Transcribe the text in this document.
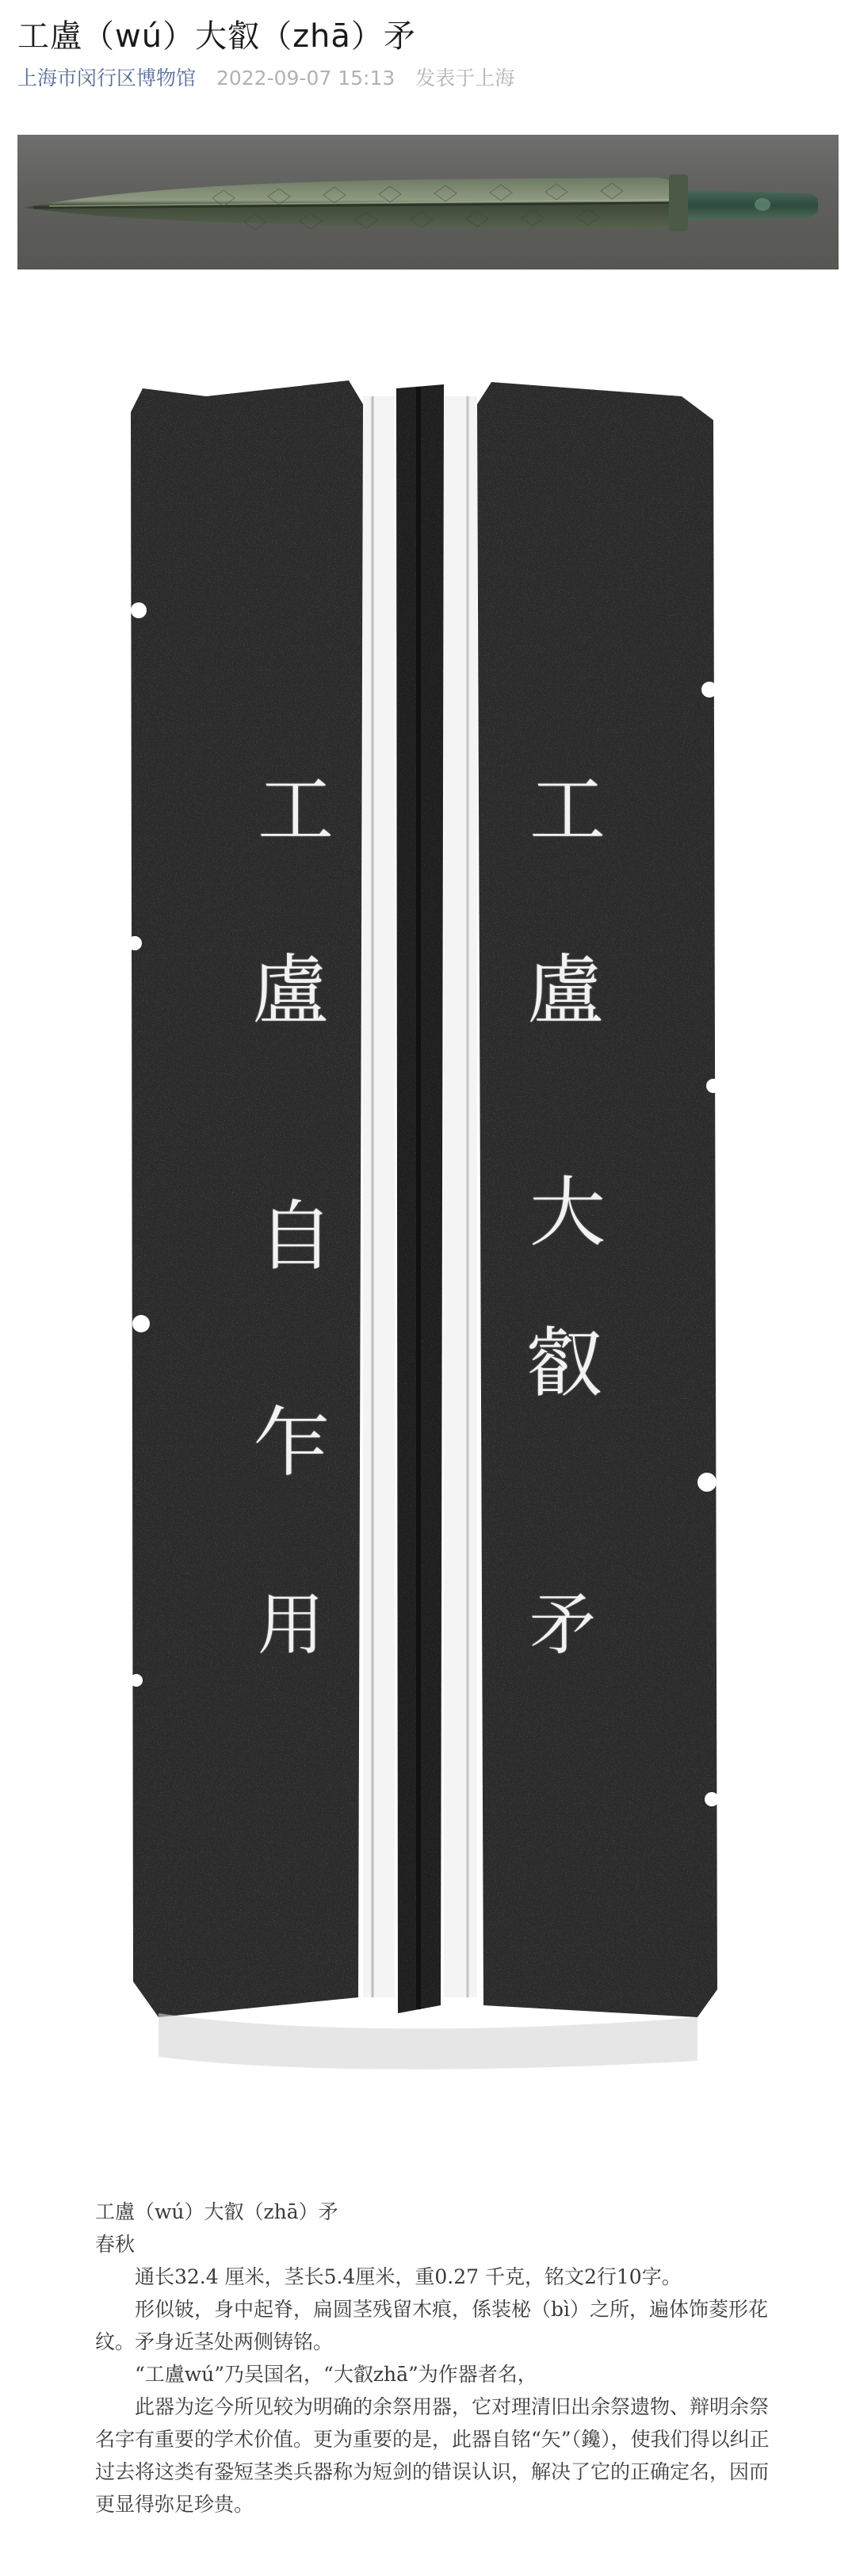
工盧（wú）大叡（zhā）矛
上海市闵行区博物馆 2022-09-07 15:13 发表于上海
工
盧
自
乍
用
工
盧
大
叡
矛

工盧（wú）大叡（zhā）矛

春秋

通长32.4 厘米，茎长5.4厘米，重0.27 千克，铭文2行10字。

形似铍，身中起脊，扁圆茎残留木痕，係装柲（bì）之所，遍体饰菱形花纹。矛身近茎处两侧铸铭。

“工盧wú”乃吴国名，“大叡zhā”为作器者名，

此器为迄今所见较为明确的余祭用器，它对理清旧出余祭遗物、辩明余祭名字有重要的学术价值。更为重要的是，此器自铭“矢”（鑱），使我们得以纠正过去将这类有銎短茎类兵器称为短剑的错误认识，解决了它的正确定名，因而更显得弥足珍贵。
